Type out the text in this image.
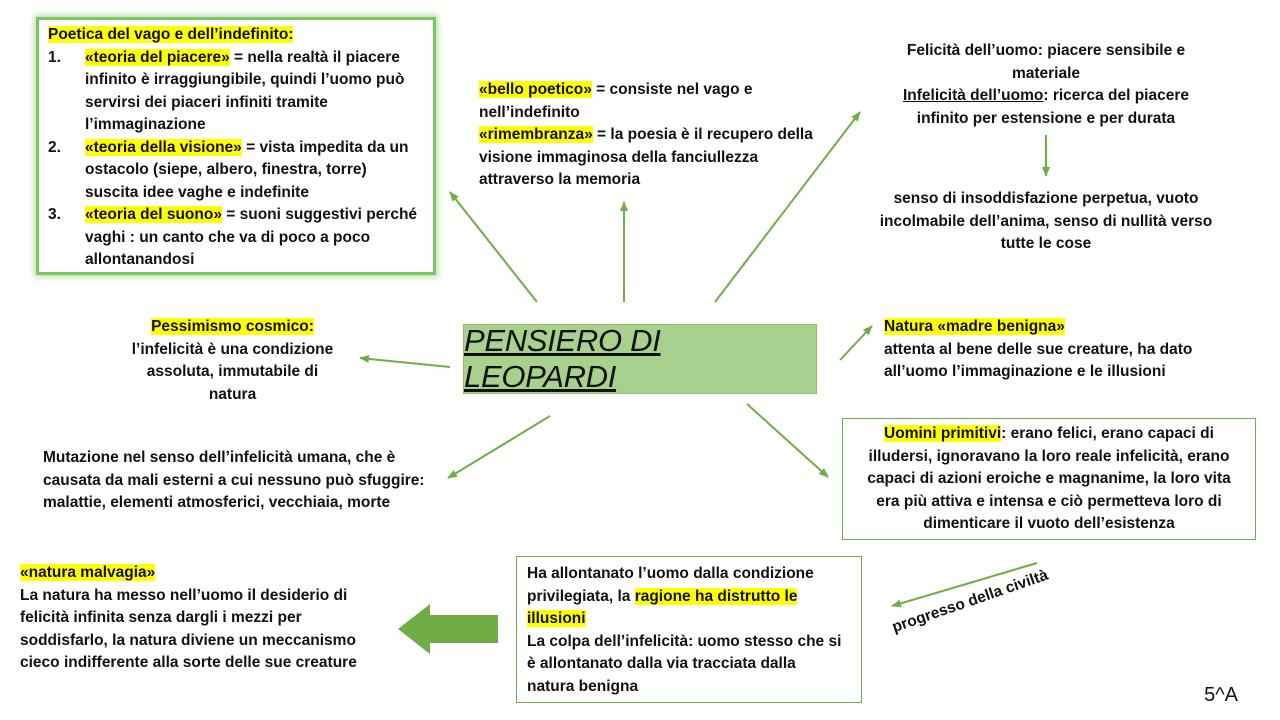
Poetica del vago e dell’indefinito:
1. «teoria del piacere» = nella realtà il piacere
infinito è irraggiungibile, quindi l’uomo può
servirsi dei piaceri infiniti tramite
l’immaginazione
2. «teoria della visione» = vista impedita da un
ostacolo (siepe, albero, finestra, torre)
suscita idee vaghe e indefinite
3. «teoria del suono» = suoni suggestivi perché
vaghi : un canto che va di poco a poco
allontanandosi
«bello poetico» = consiste nel vago e
nell’indefinito
«rimembranza» = la poesia è il recupero della
visione immaginosa della fanciullezza
attraverso la memoria
Felicità dell’uomo: piacere sensibile e
materiale
Infelicità dell’uomo: ricerca del piacere
infinito per estensione e per durata
senso di insoddisfazione perpetua, vuoto
incolmabile dell’anima, senso di nullità verso
tutte le cose
PENSIERO DI LEOPARDI
Pessimismo cosmico:
l’infelicità è una condizione
assoluta, immutabile di
natura
Natura «madre benigna»
attenta al bene delle sue creature, ha dato
all’uomo l’immaginazione e le illusioni
Mutazione nel senso dell’infelicità umana, che è
causata da mali esterni a cui nessuno può sfuggire:
malattie, elementi atmosferici, vecchiaia, morte
Uomini primitivi: erano felici, erano capaci di
illudersi, ignoravano la loro reale infelicità, erano
capaci di azioni eroiche e magnanime, la loro vita
era più attiva e intensa e ciò permetteva loro di
dimenticare il vuoto dell’esistenza
«natura malvagia»
La natura ha messo nell’uomo il desiderio di
felicità infinita senza dargli i mezzi per
soddisfarlo, la natura diviene un meccanismo
cieco indifferente alla sorte delle sue creature
Ha allontanato l’uomo dalla condizione
privilegiata, la ragione ha distrutto le
illusioni
La colpa dell’infelicità: uomo stesso che si
è allontanato dalla via tracciata dalla
natura benigna
progresso della civiltà
5^A
